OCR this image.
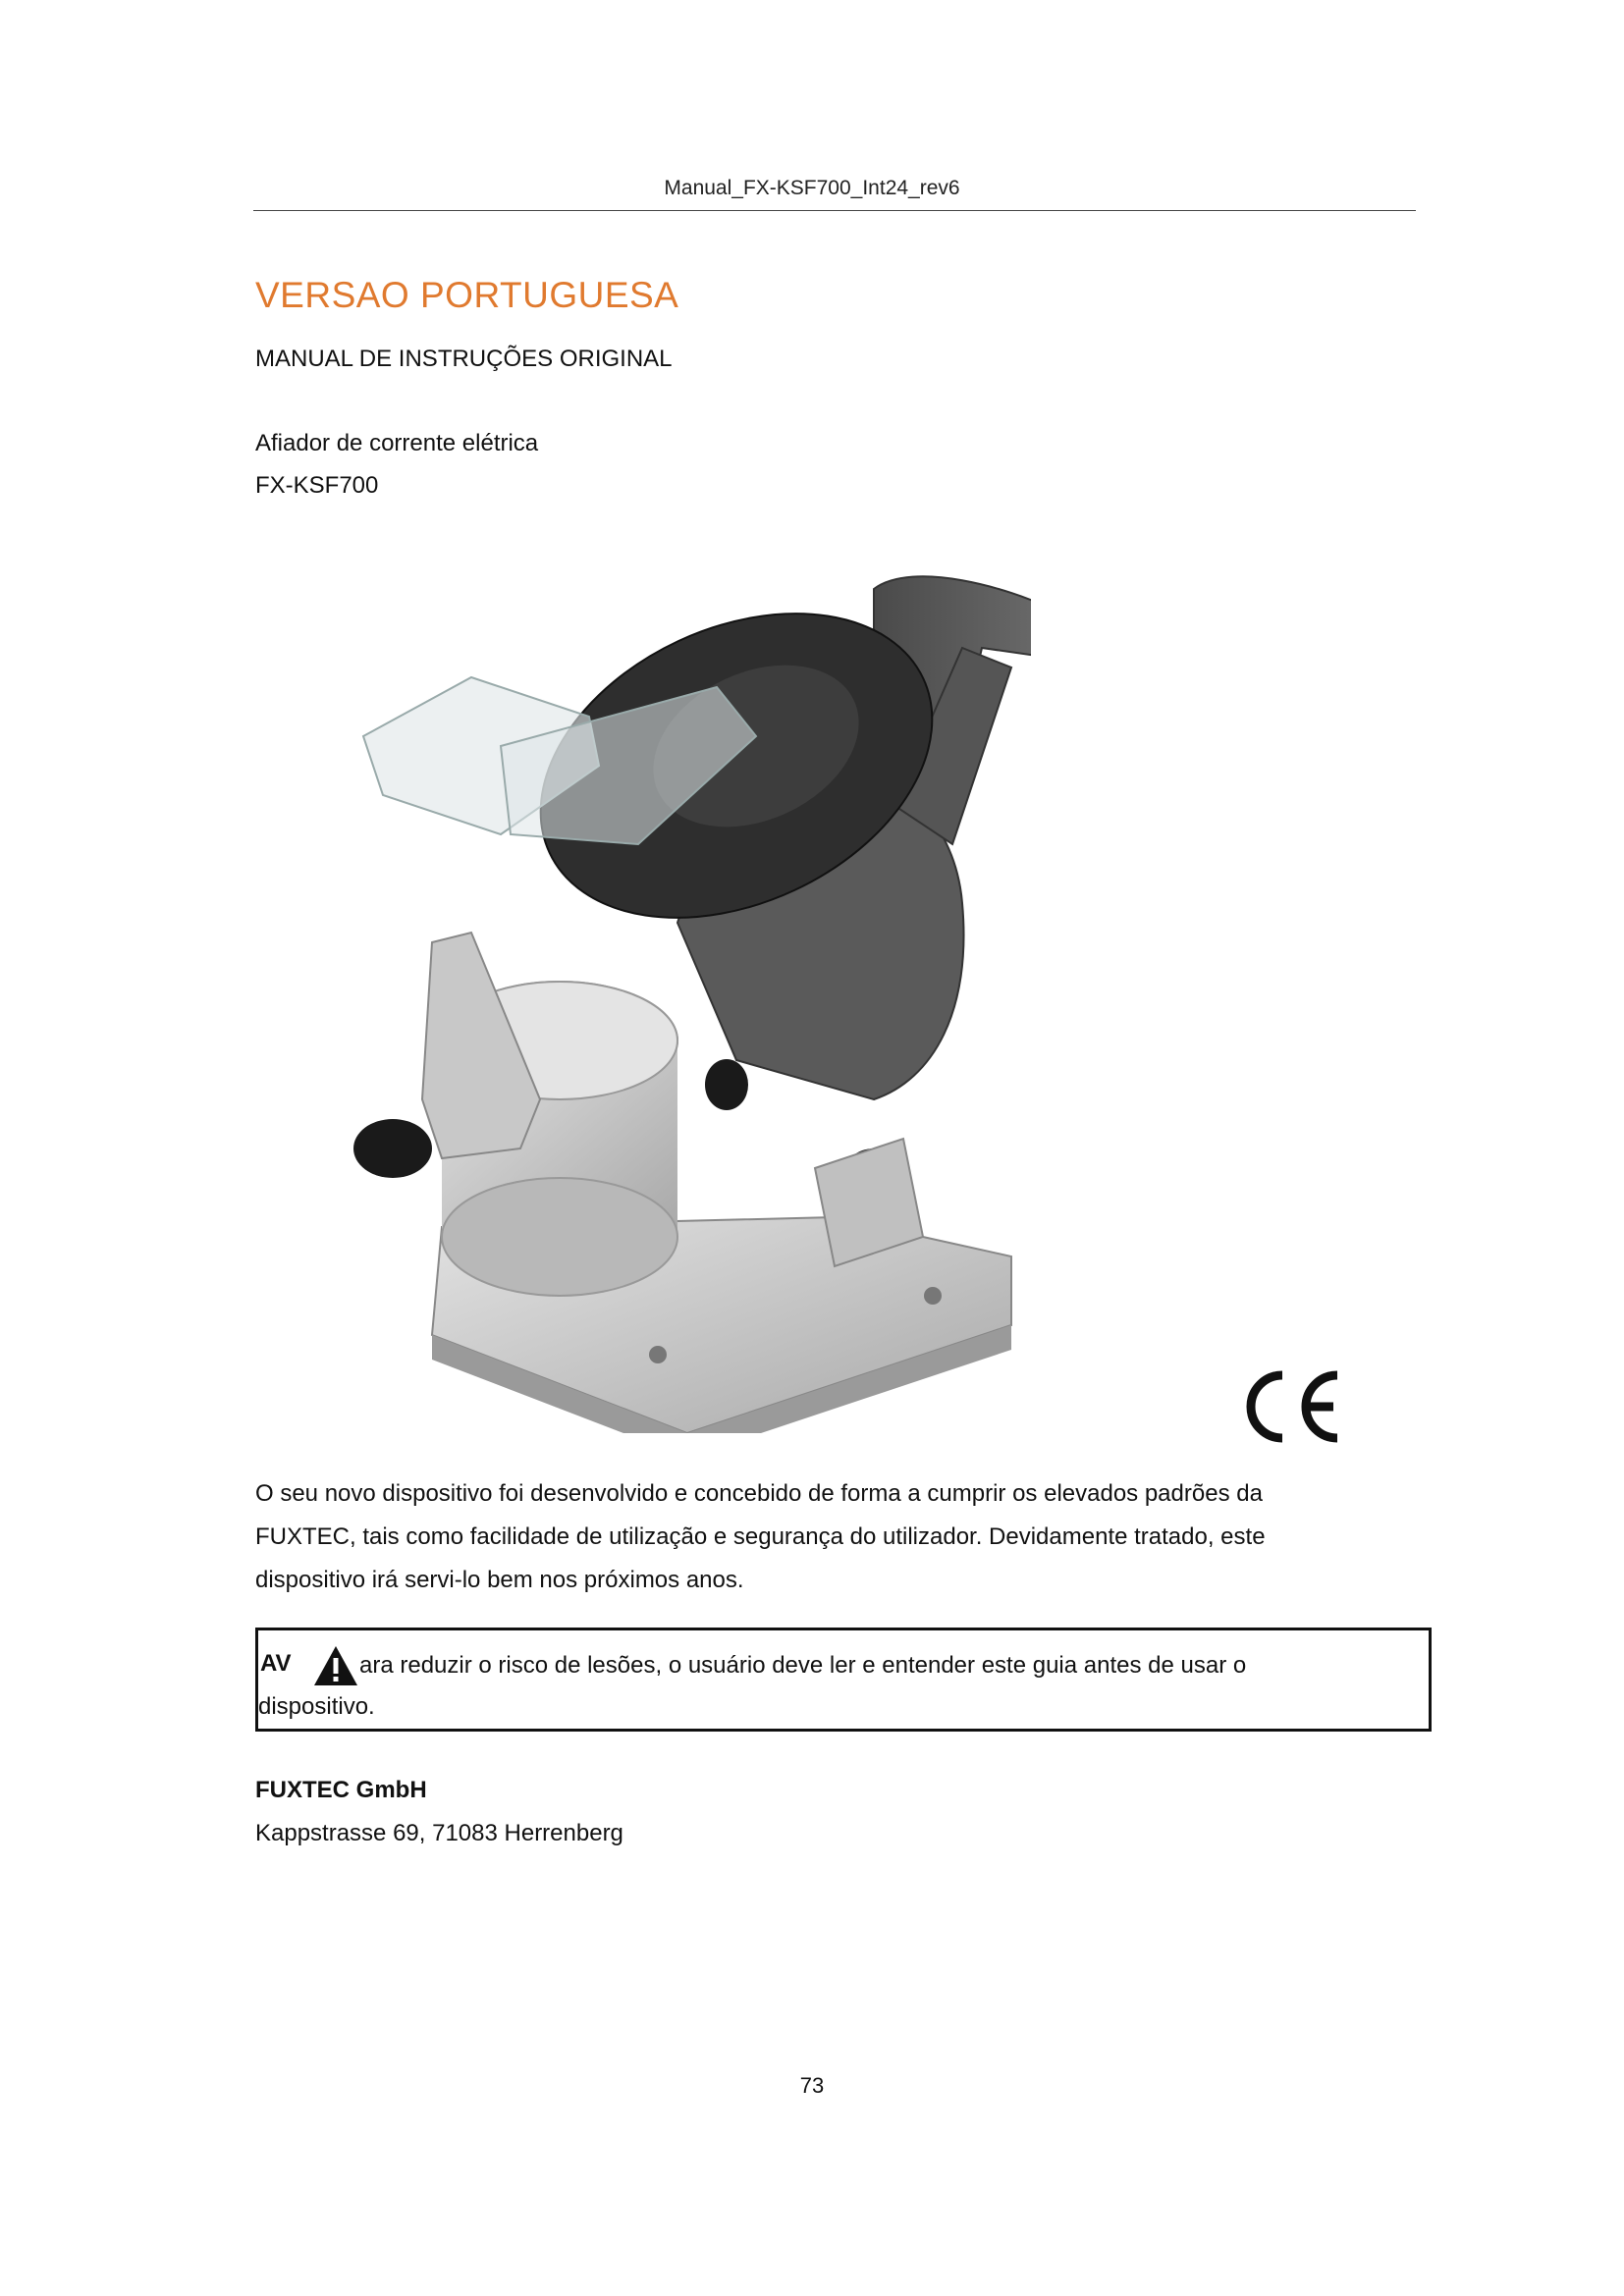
Manual_FX-KSF700_Int24_rev6
VERSAO PORTUGUESA
MANUAL DE INSTRUÇÕES ORIGINAL
Afiador de corrente elétrica
FX-KSF700
O seu novo dispositivo foi desenvolvido e concebido de forma a cumprir os elevados padrões da
FUXTEC, tais como facilidade de utilização e segurança do utilizador. Devidamente tratado, este
dispositivo irá servi-lo bem nos próximos anos.
AV	ara reduzir o risco de lesões, o usuário deve ler e entender este guia antes de usar o
dispositivo.
FUXTEC GmbH
Kappstrasse 69, 71083 Herrenberg
73
